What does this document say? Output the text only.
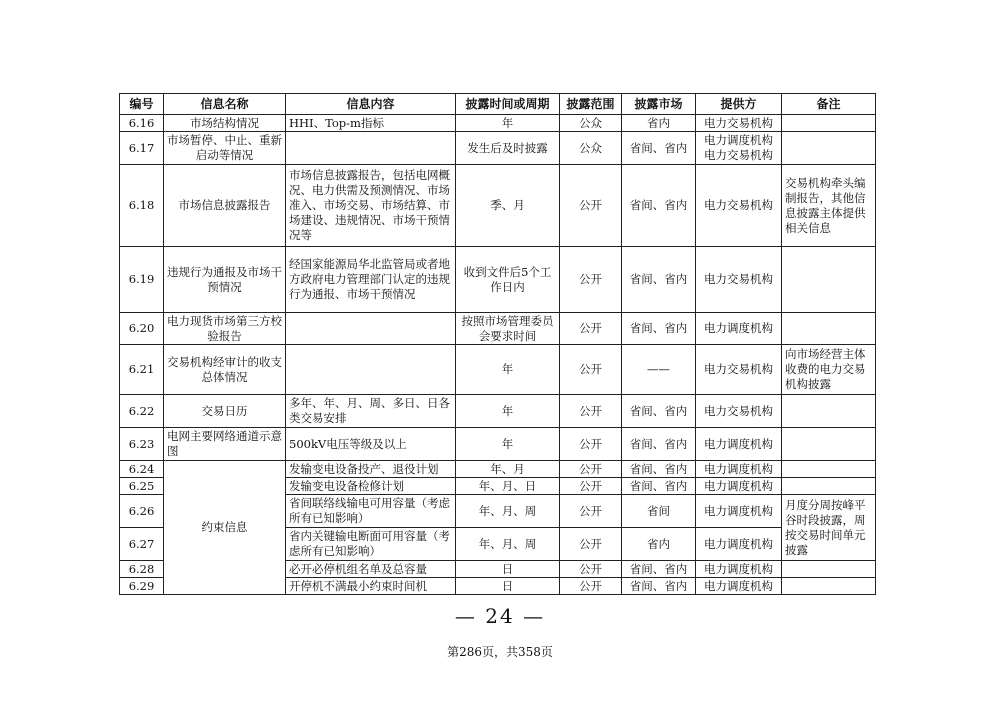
编号	信息名称	信息内容	披露时间或周期	披露范围	披露市场	提供方	备注
6.16	市场结构情况	HHI、Top-m指标	年	公众	省内	电力交易机构	
6.17	市场暂停、中止、重新启动等情况		发生后及时披露	公众	省间、省内	电力调度机构 电力交易机构	
6.18	市场信息披露报告	市场信息披露报告，包括电网概况、电力供需及预测情况、市场准入、市场交易、市场结算、市场建设、违规情况、市场干预情况等	季、月	公开	省间、省内	电力交易机构	交易机构牵头编制报告，其他信息披露主体提供相关信息
6.19	违规行为通报及市场干预情况	经国家能源局华北监管局或者地方政府电力管理部门认定的违规行为通报、市场干预情况	收到文件后5个工作日内	公开	省间、省内	电力交易机构	
6.20	电力现货市场第三方校验报告		按照市场管理委员会要求时间	公开	省间、省内	电力调度机构	
6.21	交易机构经审计的收支总体情况		年	公开	——	电力交易机构	向市场经营主体收费的电力交易机构披露
6.22	交易日历	多年、年、月、周、多日、日各类交易安排	年	公开	省间、省内	电力交易机构	
6.23	电网主要网络通道示意图	500kV电压等级及以上	年	公开	省间、省内	电力调度机构	
6.24	约束信息	发输变电设备投产、退役计划	年、月	公开	省间、省内	电力调度机构	
6.25		发输变电设备检修计划	年、月、日	公开	省间、省内	电力调度机构	
6.26		省间联络线输电可用容量（考虑所有已知影响）	年、月、周	公开	省间	电力调度机构	月度分周按峰平谷时段披露，周按交易时间单元披露
6.27		省内关键输电断面可用容量（考虑所有已知影响）	年、月、周	公开	省内	电力调度机构	
6.28		必开必停机组名单及总容量	日	公开	省间、省内	电力调度机构	
6.29		开停机不满最小约束时间机	日	公开	省间、省内	电力调度机构	
— 24 —
第286页，共358页
